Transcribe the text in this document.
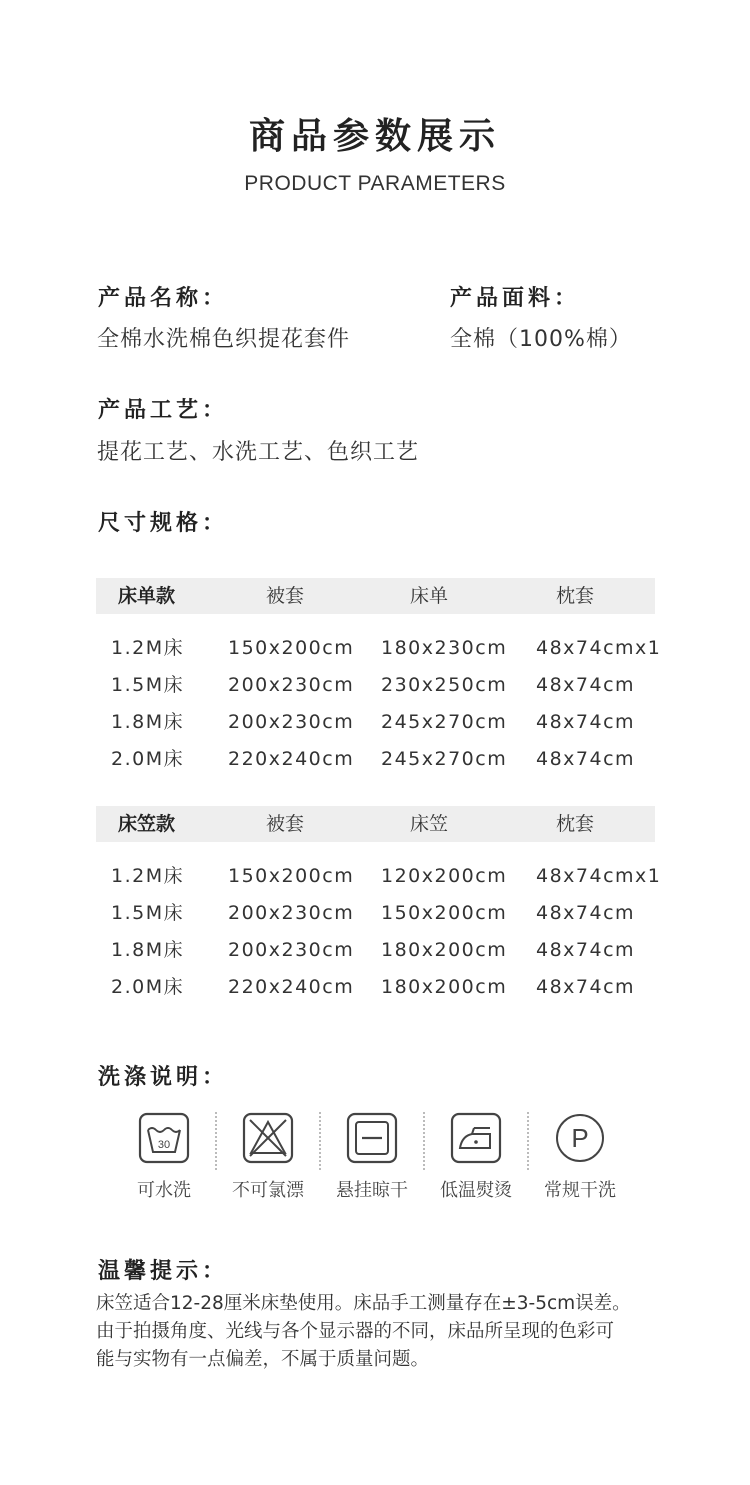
商品参数展示
PRODUCT PARAMETERS
产品名称：
全棉水洗棉色织提花套件
产品面料：
全棉（100%棉）
产品工艺：
提花工艺、水洗工艺、色织工艺
尺寸规格：
床单款	被套	床单	枕套
1.2M床 150x200cm 180x230cm 48x74cmx1
1.5M床 200x230cm 230x250cm 48x74cm
1.8M床 200x230cm 245x270cm 48x74cm
2.0M床 220x240cm 245x270cm 48x74cm
床笠款	被套	床笠	枕套
1.2M床 150x200cm 120x200cm 48x74cmx1
1.5M床 200x230cm 150x200cm 48x74cm
1.8M床 200x230cm 180x200cm 48x74cm
2.0M床 220x240cm 180x200cm 48x74cm
洗涤说明：
30
可水洗	不可氯漂	悬挂晾干	低温熨烫
P
常规干洗
温馨提示：
床笠适合12-28厘米床垫使用。床品手工测量存在±3-5cm误差。
由于拍摄角度、光线与各个显示器的不同，床品所呈现的色彩可
能与实物有一点偏差，不属于质量问题。
